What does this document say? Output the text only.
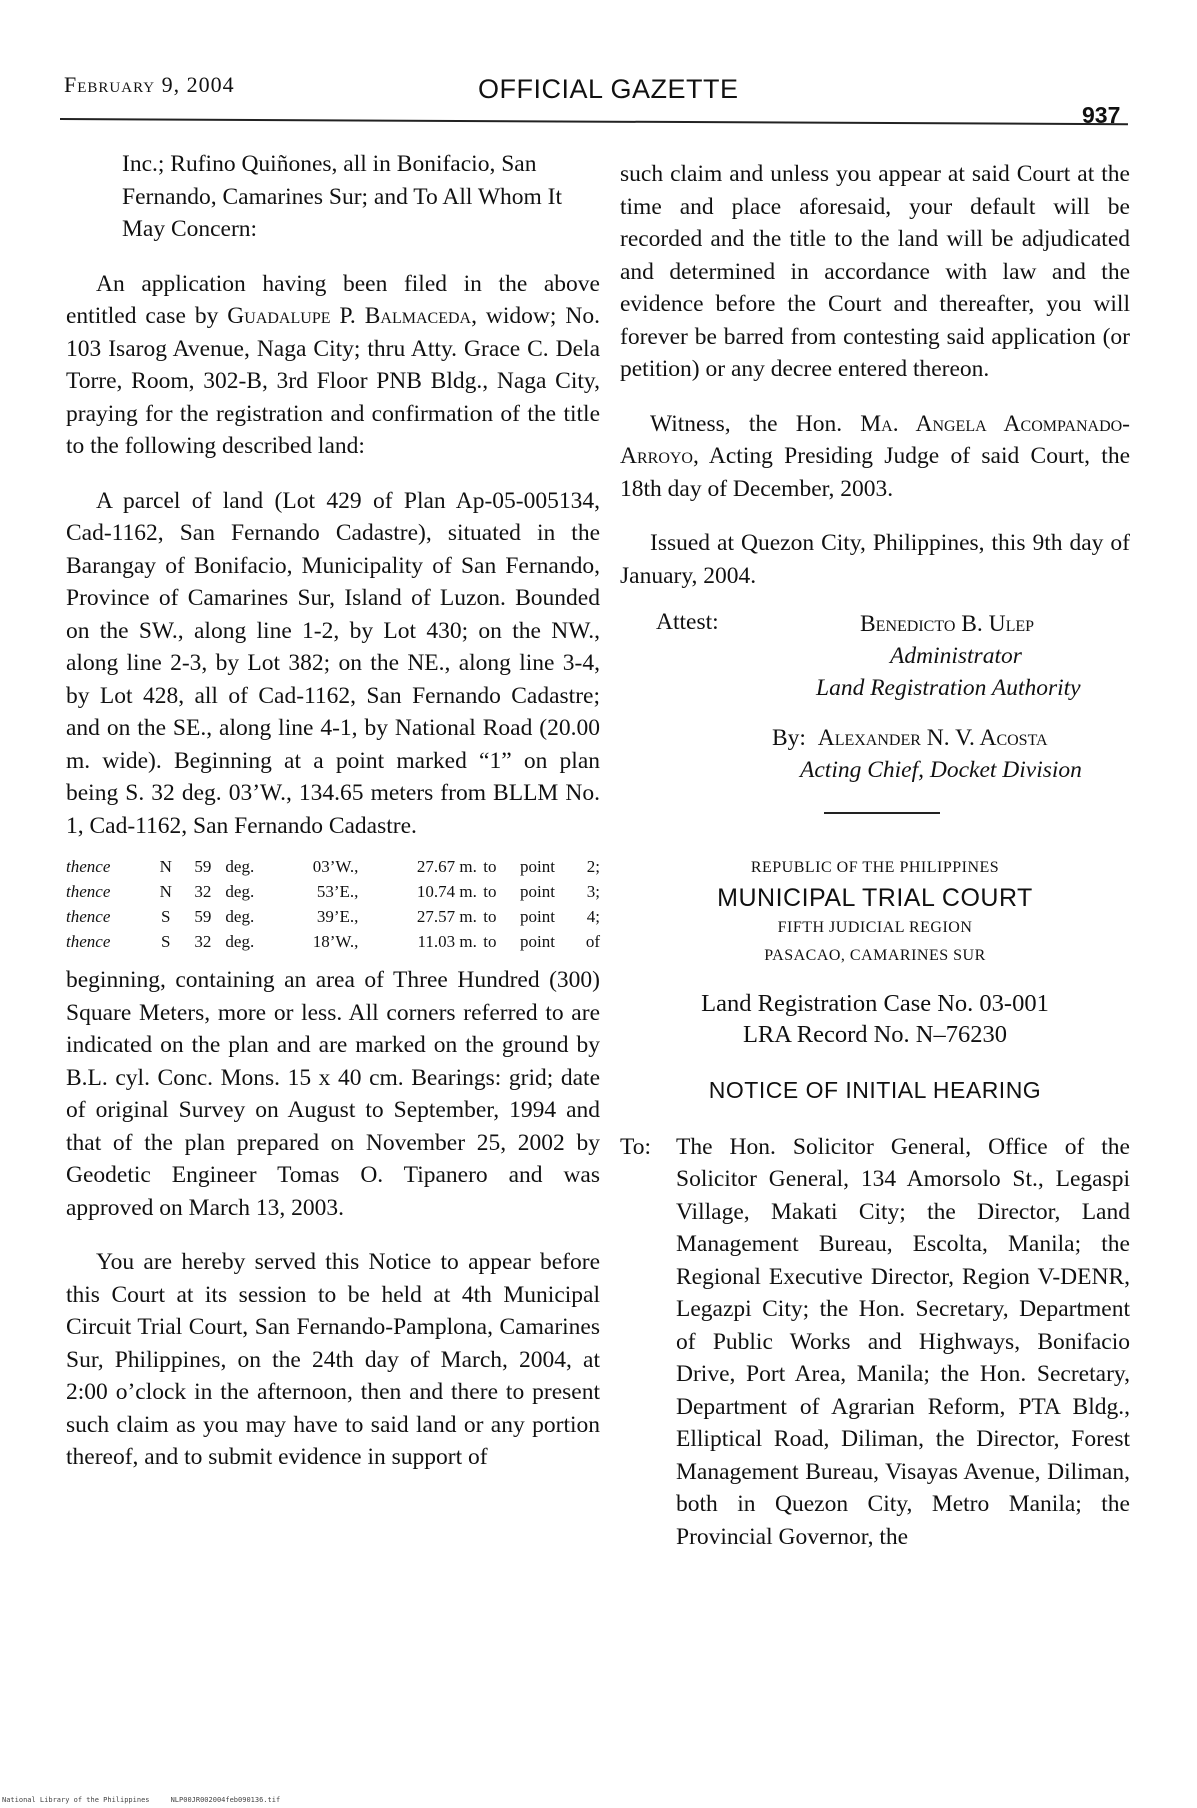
February 9, 2004	OFFICIAL GAZETTE
937

Inc.; Rufino Quiñones, all in Bonifacio, San Fernando, Camarines Sur; and To All Whom It May Concern:

An application having been filed in the above entitled case by Guadalupe P. Balmaceda, widow; No. 103 Isarog Avenue, Naga City; thru Atty. Grace C. Dela Torre, Room, 302-B, 3rd Floor PNB Bldg., Naga City, praying for the registration and confirmation of the title to the following described land:

A parcel of land (Lot 429 of Plan Ap-05-005134, Cad-1162, San Fernando Cadastre), situated in the Barangay of Bonifacio, Municipality of San Fernando, Province of Camarines Sur, Island of Luzon. Bounded on the SW., along line 1-2, by Lot 430; on the NW., along line 2-3, by Lot 382; on the NE., along line 3-4, by Lot 428, all of Cad-1162, San Fernando Cadastre; and on the SE., along line 4-1, by National Road (20.00 m. wide). Beginning at a point marked “1” on plan being S. 32 deg. 03’W., 134.65 meters from BLLM No. 1, Cad-1162, San Fernando Cadastre.

thence	N	59	deg.	03’W.,	27.67 m.	to	point	2;
thence	N	32	deg.	53’E.,	10.74 m.	to	point	3;
thence	S	59	deg.	39’E.,	27.57 m.	to	point	4;
thence	S	32	deg.	18’W.,	11.03 m.	to	point	of

beginning, containing an area of Three Hundred (300) Square Meters, more or less. All corners referred to are indicated on the plan and are marked on the ground by B.L. cyl. Conc. Mons. 15 x 40 cm. Bearings: grid; date of original Survey on August to September, 1994 and that of the plan prepared on November 25, 2002 by Geodetic Engineer Tomas O. Tipanero and was approved on March 13, 2003.

You are hereby served this Notice to appear before this Court at its session to be held at 4th Municipal Circuit Trial Court, San Fernando-Pamplona, Camarines Sur, Philippines, on the 24th day of March, 2004, at 2:00 o’clock in the afternoon, then and there to present such claim as you may have to said land or any portion thereof, and to submit evidence in support of

such claim and unless you appear at said Court at the time and place aforesaid, your default will be recorded and the title to the land will be adjudicated and determined in accordance with law and the evidence before the Court and thereafter, you will forever be barred from contesting said application (or petition) or any decree entered thereon.

Witness, the Hon. Ma. Angela Acompanado-Arroyo, Acting Presiding Judge of said Court, the 18th day of December, 2003.

Issued at Quezon City, Philippines, this 9th day of January, 2004.

Attest:	Benedicto B. Ulep
Administrator
Land Registration Authority
By: Alexander N. V. Acosta
Acting Chief, Docket Division
REPUBLIC OF THE PHILIPPINES
MUNICIPAL TRIAL COURT
FIFTH JUDICIAL REGION
PASACAO, CAMARINES SUR
Land Registration Case No. 03-001
LRA Record No. N–76230
NOTICE OF INITIAL HEARING
To: The Hon. Solicitor General, Office of the Solicitor General, 134 Amorsolo St., Legaspi Village, Makati City; the Director, Land Management Bureau, Escolta, Manila; the Regional Executive Director, Region V-DENR, Legazpi City; the Hon. Secretary, Department of Public Works and Highways, Bonifacio Drive, Port Area, Manila; the Hon. Secretary, Department of Agrarian Reform, PTA Bldg., Elliptical Road, Diliman, the Director, Forest Management Bureau, Visayas Avenue, Diliman, both in Quezon City, Metro Manila; the Provincial Governor, the

National Library of the Philippines	NLP00JR002004feb090136.tif
